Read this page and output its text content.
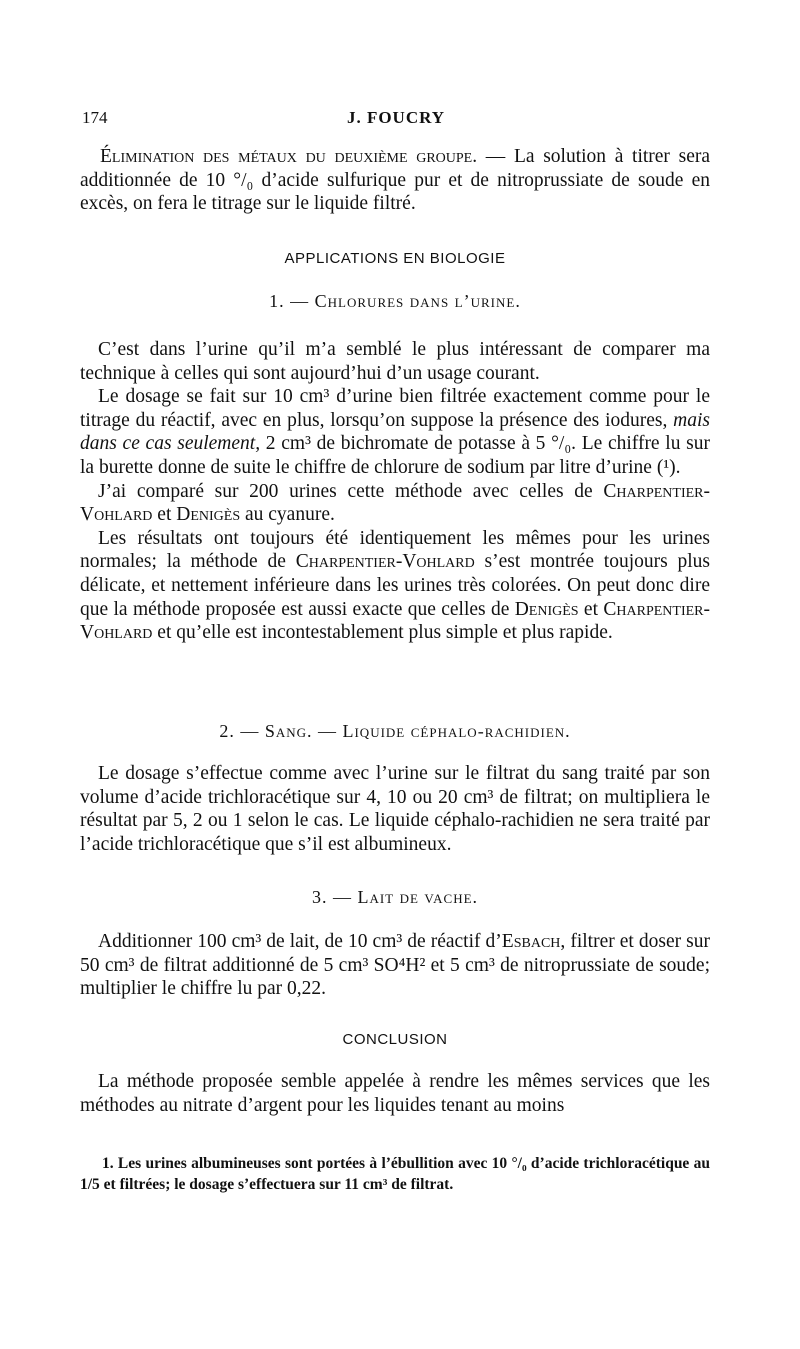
174	J. FOUCRY

Élimination des métaux du deuxième groupe. — La solution à titrer sera additionnée de 10 °/₀ d’acide sulfurique pur et de nitroprussiate de soude en excès, on fera le titrage sur le liquide filtré.

APPLICATIONS EN BIOLOGIE
1. — Chlorures dans l’urine.

C’est dans l’urine qu’il m’a semblé le plus intéressant de comparer ma technique à celles qui sont aujourd’hui d’un usage courant.

Le dosage se fait sur 10 cm³ d’urine bien filtrée exactement comme pour le titrage du réactif, avec en plus, lorsqu’on suppose la présence des iodures, mais dans ce cas seulement, 2 cm³ de bichromate de potasse à 5 °/₀. Le chiffre lu sur la burette donne de suite le chiffre de chlorure de sodium par litre d’urine (¹).

J’ai comparé sur 200 urines cette méthode avec celles de Charpentier-Vohlard et Denigès au cyanure.

Les résultats ont toujours été identiquement les mêmes pour les urines normales; la méthode de Charpentier-Vohlard s’est montrée toujours plus délicate, et nettement inférieure dans les urines très colorées. On peut donc dire que la méthode proposée est aussi exacte que celles de Denigès et Charpentier-Vohlard et qu’elle est incontestablement plus simple et plus rapide.

2. — Sang. — Liquide céphalo-rachidien.

Le dosage s’effectue comme avec l’urine sur le filtrat du sang traité par son volume d’acide trichloracétique sur 4, 10 ou 20 cm³ de filtrat; on multipliera le résultat par 5, 2 ou 1 selon le cas. Le liquide céphalo-rachidien ne sera traité par l’acide trichloracétique que s’il est albumineux.

3. — Lait de vache.

Additionner 100 cm³ de lait, de 10 cm³ de réactif d’Esbach, filtrer et doser sur 50 cm³ de filtrat additionné de 5 cm³ SO⁴H² et 5 cm³ de nitroprussiate de soude; multiplier le chiffre lu par 0,22.

CONCLUSION

La méthode proposée semble appelée à rendre les mêmes services que les méthodes au nitrate d’argent pour les liquides tenant au moins

1. Les urines albumineuses sont portées à l’ébullition avec 10 °/₀ d’acide trichloracétique au 1/5 et filtrées; le dosage s’effectuera sur 11 cm³ de filtrat.
